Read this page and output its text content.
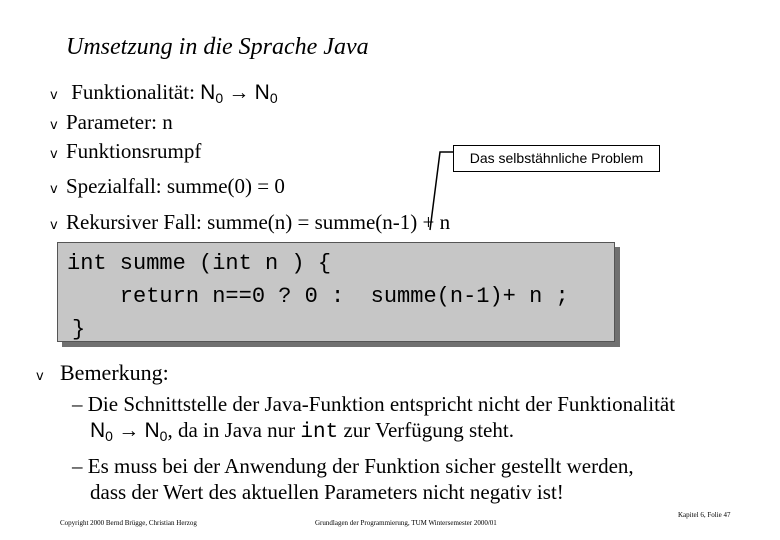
Umsetzung in die Sprache Java
v Funktionalität: $N_0 \to N_0$
v Parameter: n
v Funktionsrumpf
v Spezialfall: summe(0) = 0
v Rekursiver Fall: summe(n) = summe(n-1) + n
Das selbstähnliche Problem
int summe (int n ) {
return n==0 ? 0 :  summe(n-1)+ n ;
}
v Bemerkung:
– Die Schnittstelle der Java-Funktion entspricht nicht der Funktionalität
$N_0 \to N_0$, da in Java nur int zur Verfügung steht.
– Es muss bei der Anwendung der Funktion sicher gestellt werden,
dass der Wert des aktuellen Parameters nicht negativ ist!
Copyright 2000 Bernd Brügge, Christian Herzog	Grundlagen der Programmierung, TUM Wintersemester 2000/01
Kapitel 6, Folie 47
